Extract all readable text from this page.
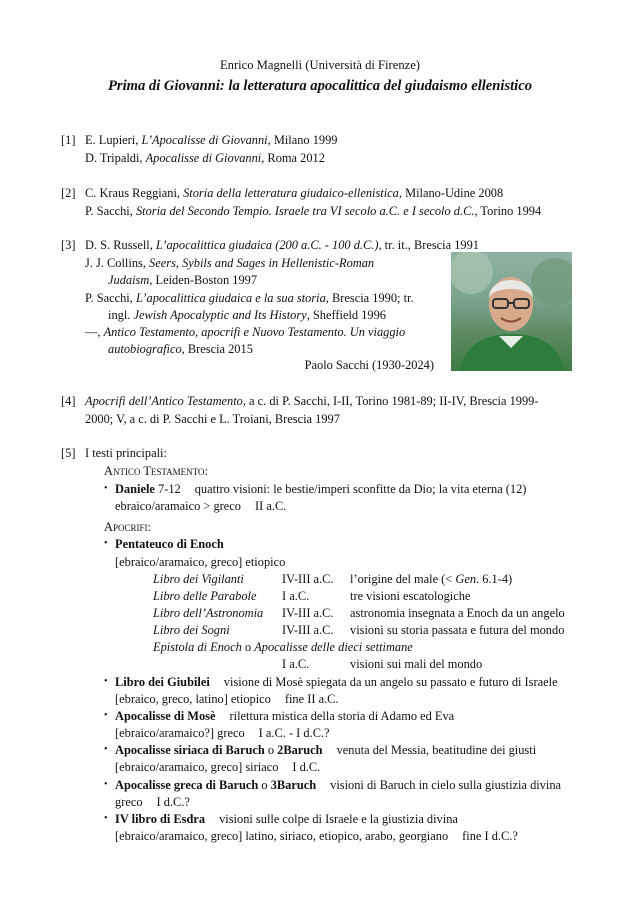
Enrico Magnelli (Università di Firenze)
Prima di Giovanni: la letteratura apocalittica del giudaismo ellenistico
[1] E. Lupieri, L’Apocalisse di Giovanni, Milano 1999
D. Tripaldi, Apocalisse di Giovanni, Roma 2012
[2] C. Kraus Reggiani, Storia della letteratura giudaico-ellenistica, Milano-Udine 2008
P. Sacchi, Storia del Secondo Tempio. Israele tra VI secolo a.C. e I secolo d.C., Torino 1994
[3] D. S. Russell, L’apocalittica giudaica (200 a.C. - 100 d.C.), tr. it., Brescia 1991
J. J. Collins, Seers, Sybils and Sages in Hellenistic-Roman
Judaism, Leiden-Boston 1997
P. Sacchi, L’apocalittica giudaica e la sua storia, Brescia 1990; tr.
ingl. Jewish Apocalyptic and Its History, Sheffield 1996
—, Antico Testamento, apocrifi e Nuovo Testamento. Un viaggio
autobiografico, Brescia 2015
Paolo Sacchi (1930-2024)
[4] Apocrifi dell’Antico Testamento, a c. di P. Sacchi, I-II, Torino 1981-89; II-IV, Brescia 1999-
2000; V, a c. di P. Sacchi e L. Troiani, Brescia 1997
[5] I testi principali:
Antico Testamento:
• Daniele 7-12 quattro visioni: le bestie/imperi sconfitte da Dio; la vita eterna (12)
ebraico/aramaico > greco II a.C.
Apocrifi:
• Pentateuco di Enoch
[ebraico/aramaico, greco] etiopico
Libro dei Vigilanti	IV-III a.C. l’origine del male (< Gen. 6.1-4)
Libro delle Parabole I a.C.	tre visioni escatologiche
Libro dell’Astronomia IV-III a.C. astronomia insegnata a Enoch da un angelo
Libro dei Sogni	IV-III a.C. visioni su storia passata e futura del mondo
Epistola di Enoch o Apocalisse delle dieci settimane
I a.C.	visioni sui mali del mondo
• Libro dei Giubilei visione di Mosè spiegata da un angelo su passato e futuro di Israele
[ebraico, greco, latino] etiopico fine II a.C.
• Apocalisse di Mosè rilettura mistica della storia di Adamo ed Eva
[ebraico/aramaico?] greco I a.C. - I d.C.?
• Apocalisse siriaca di Baruch o 2Baruch venuta del Messia, beatitudine dei giusti
[ebraico/aramaico, greco] siriaco I d.C.
• Apocalisse greca di Baruch o 3Baruch visioni di Baruch in cielo sulla giustizia divina
greco I d.C.?
• IV libro di Esdra visioni sulle colpe di Israele e la giustizia divina
[ebraico/aramaico, greco] latino, siriaco, etiopico, arabo, georgiano fine I d.C.?
